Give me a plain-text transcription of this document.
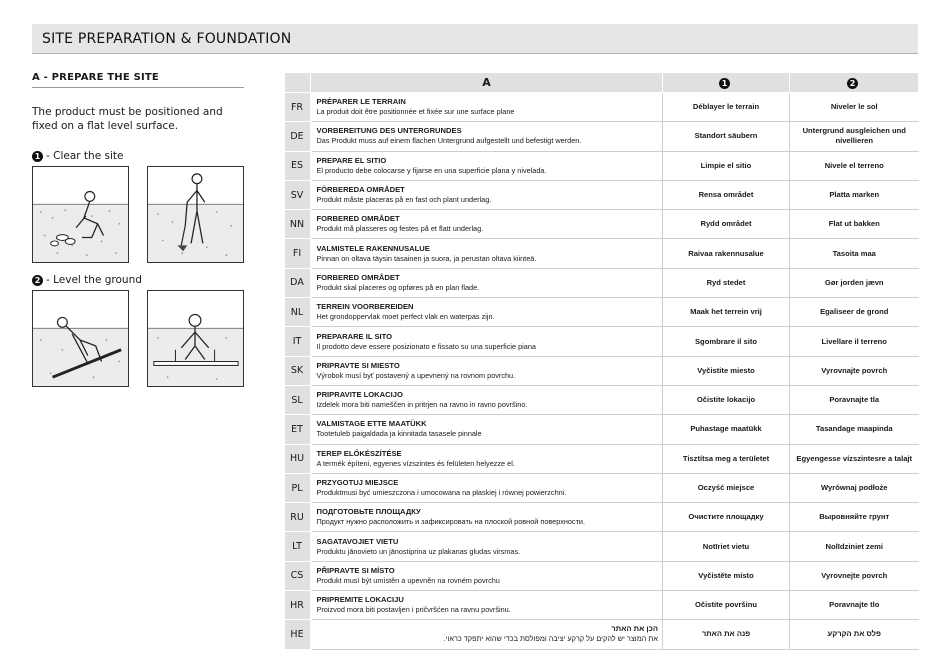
SITE PREPARATION & FOUNDATION
A - PREPARE THE SITE
The product must be positioned and fixed on a flat level surface.
1 - Clear the site
2 - Level the ground
	A	1	2
FR	PRÉPARER LE TERRAIN
La produit doit être positionnée et fixée sur une surface plane	Déblayer le terrain	Niveler le sol
DE	VORBEREITUNG DES UNTERGRUNDES
Das Produkt muss auf einem flachen Untergrund aufgestellt und befestigt werden.	Standort säubern	Untergrund ausgleichen und nivellieren
ES	PREPARE EL SITIO
El producto debe colocarse y fijarse en una superficie plana y nivelada.	Limpie el sitio	Nivele el terreno
SV	FÖRBEREDA OMRÅDET
Produkt måste placeras på en fast och plant underlag.	Rensa området	Platta marken
NN	FORBERED OMRÅDET
Produkt må plasseres og festes på et flatt underlag.	Rydd området	Flat ut bakken
FI	VALMISTELE RAKENNUSALUE
Pinnan on oltava täysin tasainen ja suora, ja perustan oltava kiinteä.	Raivaa rakennusalue	Tasoita maa
DA	FORBERED OMRÅDET
Produkt skal placeres og opføres på en plan flade.	Ryd stedet	Gør jorden jævn
NL	TERREIN VOORBEREIDEN
Het grondoppervlak moet perfect vlak en waterpas zijn.	Maak het terrein vrij	Egaliseer de grond
IT	PREPARARE IL SITO
Il prodotto deve essere posizionato e fissato su una superficie piana	Sgombrare il sito	Livellare il terreno
SK	PRIPRAVTE SI MIESTO
Výrobok musí byť postavený a upevnený na rovnom povrchu.	Vyčistite miesto	Vyrovnajte povrch
SL	PRIPRAVITE LOKACIJO
Izdelek mora biti nameščen in pritrjen na ravno in ravno površino.	Očistite lokacijo	Poravnajte tla
ET	VALMISTAGE ETTE MAATÜKK
Tootetuleb paigaldada ja kinnitada tasasele pinnale	Puhastage maatükk	Tasandage maapinda
HU	TEREP ELŐKÉSZÍTÉSE
A termék építeni, egyenes vízszintes és felületen helyezze el.	Tisztítsa meg a területet	Egyengesse vízszintesre a talajt
PL	PRZYGOTUJ MIEJSCE
Produktmusi być umieszczona i umocowana na płaskiej i równej powierzchni.	Oczyść miejsce	Wyrównaj podłoże
RU	ПОДГОТОВЬТЕ ПЛОЩАДКУ
Продукт нужно расположить и зафиксировать на плоской ровной поверхности.	Очистите площадку	Выровняйте грунт
LT	SAGATAVOJIET VIETU
Produktu jānovieto un jānostiprina uz plakanas gludas virsmas.	Notīriet vietu	Nolīdziniet zemi
CS	PŘIPRAVTE SI MÍSTO
Produkt musí být umístěn a upevněn na rovném povrchu	Vyčistěte místo	Vyrovnejte povrch
HR	PRIPREMITE LOKACIJU
Proizvod mora biti postavljen i pričvršćen na ravnu površinu.	Očistite površinu	Poravnajte tlo
HE	הכן את האתר
את המוצר יש להקים על קרקע יציבה ומפולסת בכדי שהוא יתפקד כראוי.	פנה את האתר	פלס את הקרקע
